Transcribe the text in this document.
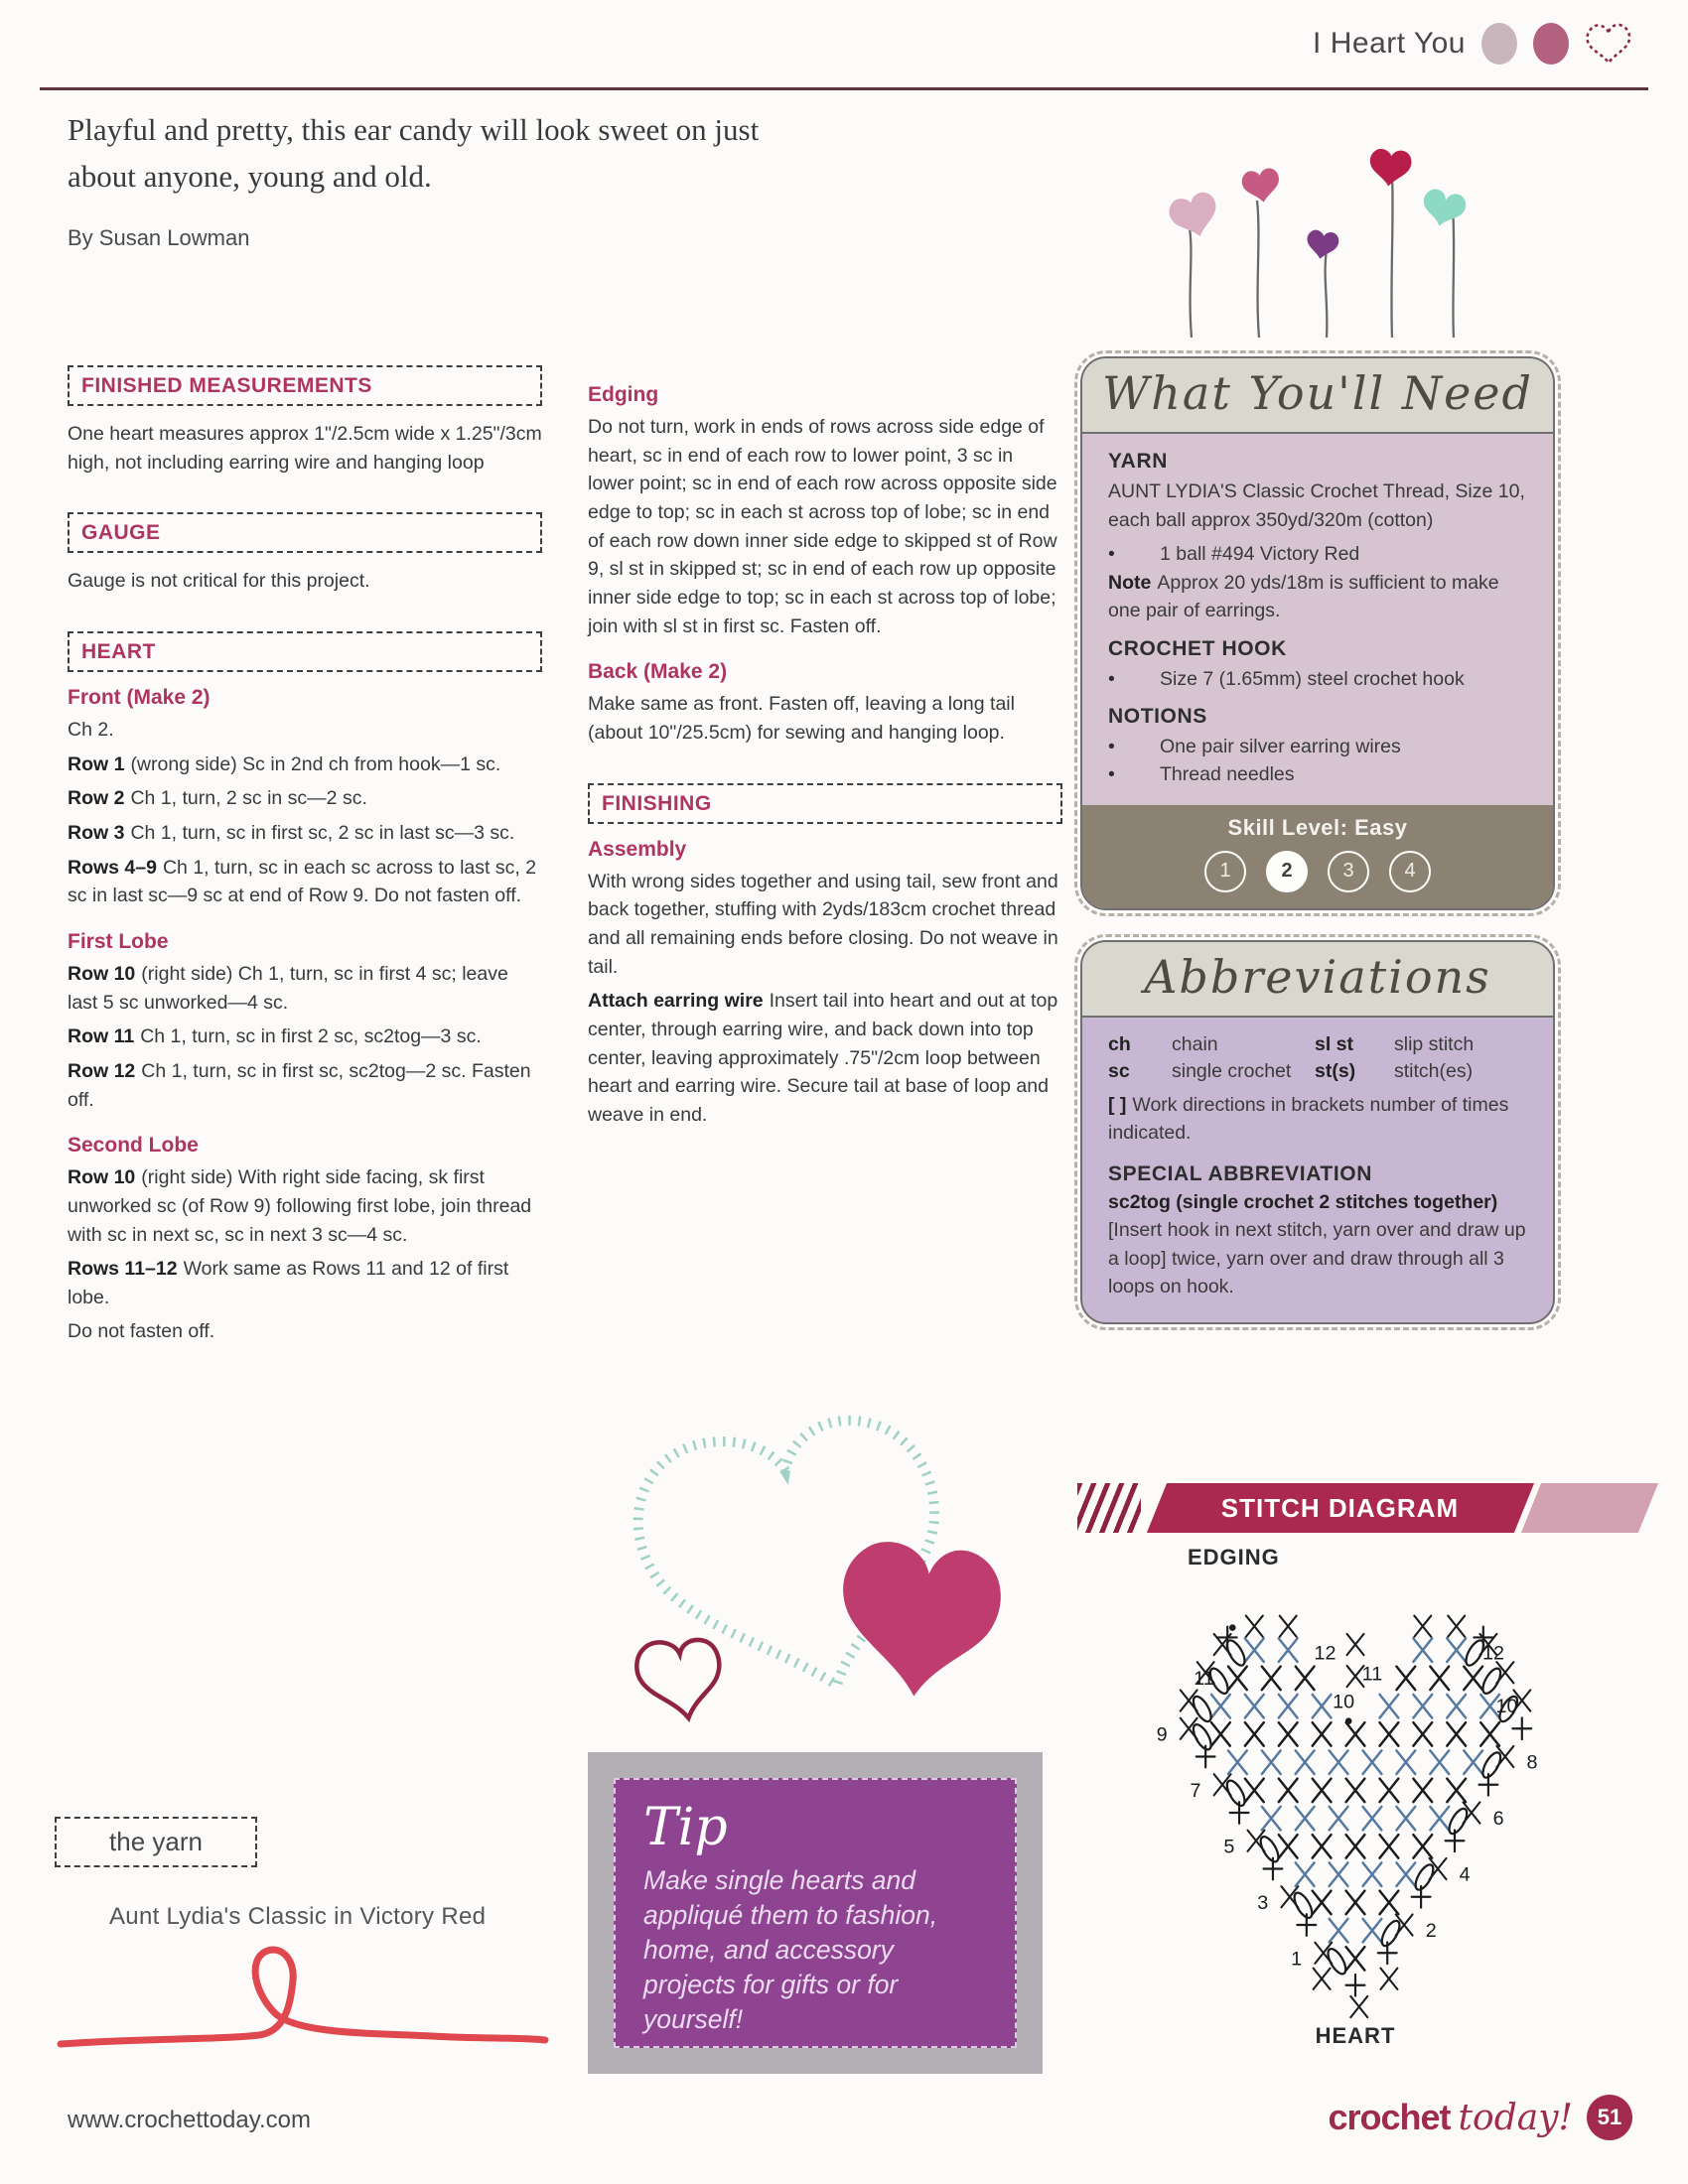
I Heart You

Playful and pretty, this ear candy will look sweet on just about anyone, young and old.

By Susan Lowman
FINISHED MEASUREMENTS

One heart measures approx 1"/2.5cm wide x 1.25"/3cm high, not including earring wire and hanging loop

GAUGE

Gauge is not critical for this project.

HEART
Front (Make 2)

Ch 2.

Row 1 (wrong side) Sc in 2nd ch from hook—1 sc.

Row 2 Ch 1, turn, 2 sc in sc—2 sc.

Row 3 Ch 1, turn, sc in first sc, 2 sc in last sc—3 sc.

Rows 4–9 Ch 1, turn, sc in each sc across to last sc, 2 sc in last sc—9 sc at end of Row 9. Do not fasten off.

First Lobe

Row 10 (right side) Ch 1, turn, sc in first 4 sc; leave last 5 sc unworked—4 sc.

Row 11 Ch 1, turn, sc in first 2 sc, sc2tog—3 sc.

Row 12 Ch 1, turn, sc in first sc, sc2tog—2 sc. Fasten off.

Second Lobe

Row 10 (right side) With right side facing, sk first unworked sc (of Row 9) following first lobe, join thread with sc in next sc, sc in next 3 sc—4 sc.

Rows 11–12 Work same as Rows 11 and 12 of first lobe.

Do not fasten off.

Edging

Do not turn, work in ends of rows across side edge of heart, sc in end of each row to lower point, 3 sc in lower point; sc in end of each row across opposite side edge to top; sc in each st across top of lobe; sc in end of each row down inner side edge to skipped st of Row 9, sl st in skipped st; sc in end of each row up opposite inner side edge to top; sc in each st across top of lobe; join with sl st in first sc. Fasten off.

Back (Make 2)

Make same as front. Fasten off, leaving a long tail (about 10"/25.5cm) for sewing and hanging loop.

FINISHING
Assembly

With wrong sides together and using tail, sew front and back together, stuffing with 2yds/183cm crochet thread and all remaining ends before closing. Do not weave in tail.

Attach earring wire Insert tail into heart and out at top center, through earring wire, and back down into top center, leaving approximately .75"/2cm loop between heart and earring wire. Secure tail at base of loop and weave in end.

Tip

Make single hearts and appliqué them to fashion, home, and accessory projects for gifts or for yourself!

What You'll Need
YARN

AUNT LYDIA'S Classic Crochet Thread, Size 10, each ball approx 350yd/320m (cotton)

•	1 ball #494 Victory Red

Note Approx 20 yds/18m is sufficient to make one pair of earrings.

CROCHET HOOK
•	Size 7 (1.65mm) steel crochet hook
NOTIONS
•	One pair silver earring wires
•	Thread needles
Skill Level: Easy
1	2	3	4
Abbreviations
ch	chain	sl st	slip stitch
sc	single crochet	st(s)	stitch(es)

[ ] Work directions in brackets number of times indicated.

SPECIAL ABBREVIATION

sc2tog (single crochet 2 stitches together)[Insert hook in next stitch, yarn over and draw up a loop] twice, yarn over and draw through all 3 loops on hook.

STITCH DIAGRAM
EDGING
1
2
3
4
5
6
7
8
9
10	10
11	11
12	12
HEART
the yarn
Aunt Lydia's Classic in Victory Red
www.crochettoday.com	crochet today!	51
